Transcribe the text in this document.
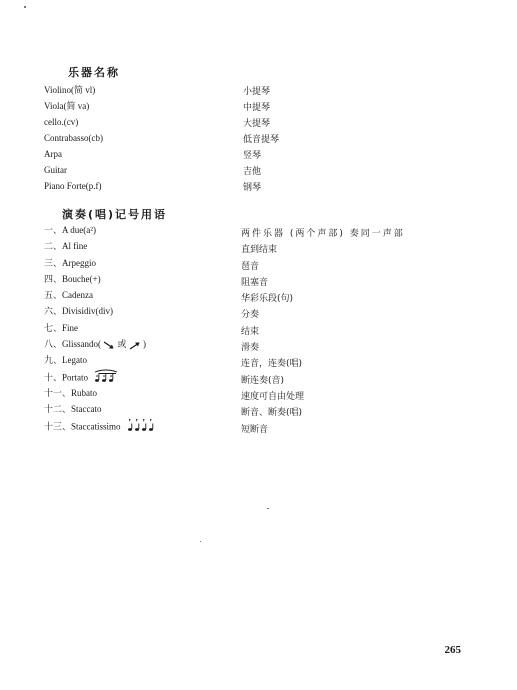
乐器名称
Violino(简 vl)
Viola(简 va)
cello.(cv)
Contrabasso(cb)
Arpa
Guitar
Piano Forte(p.f)
小提琴
中提琴
大提琴
低音提琴
竖琴
吉他
钢琴
演奏(唱)记号用语
一、A due(a²)
二、Al fine
三、Arpeggio
四、Bouche(+)
五、Cadenza
六、Divisidiv(div)
七、Fine
八、Glissando( 或 )
九、Legato
十、Portato
十一、Rubato
十二、Staccato
十三、Staccatissimo
两件乐器 (两个声部) 奏同一声部
直到结束
琶音
阻塞音
华彩乐段(句)
分奏
结束
滑奏
连音，连奏(唱)
断连奏(音)
速度可自由处理
断音、断奏(唱)
短断音
265
